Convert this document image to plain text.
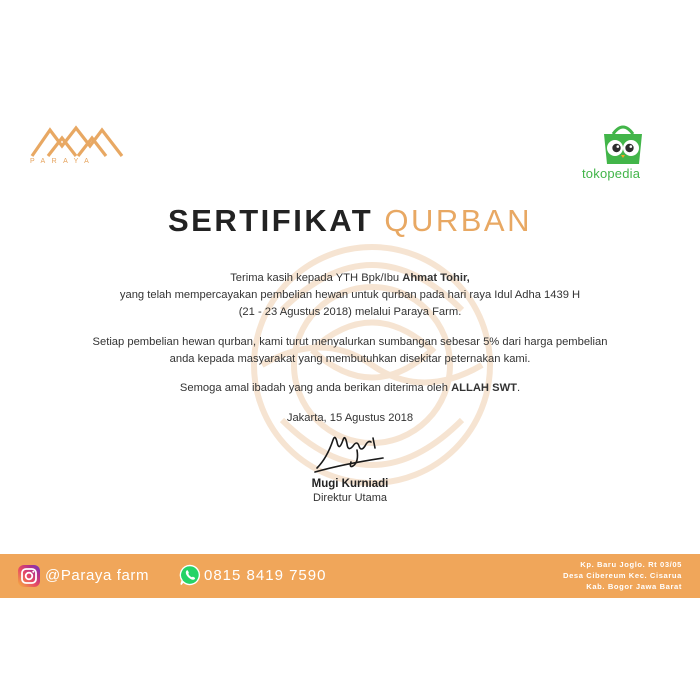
PARAYA
tokopedia
SERTIFIKAT QURBAN
Terima kasih kepada YTH Bpk/Ibu Ahmat Tohir,
yang telah mempercayakan pembelian hewan untuk qurban pada hari raya Idul Adha 1439 H
(21 - 23 Agustus 2018) melalui Paraya Farm.
Setiap pembelian hewan qurban, kami turut menyalurkan sumbangan sebesar 5% dari harga pembelian
anda kepada masyarakat yang membutuhkan disekitar peternakan kami.
Semoga amal ibadah yang anda berikan diterima oleh ALLAH SWT.
Jakarta, 15 Agustus 2018
Mugi Kurniadi
Direktur Utama
@Paraya farm	0815 8419 7590
Kp. Baru Joglo. Rt 03/05
Desa Cibereum Kec. Cisarua
Kab. Bogor Jawa Barat
